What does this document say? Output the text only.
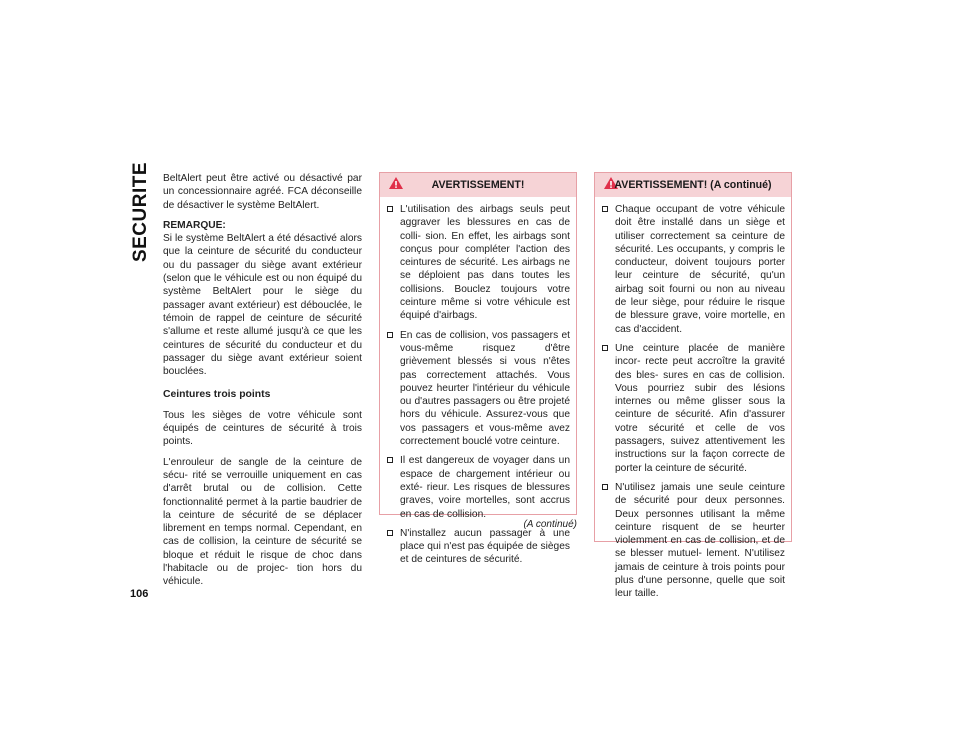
SECURITE
106

BeltAlert peut être activé ou désactivé par un concessionnaire agréé. FCA déconseille de désactiver le système BeltAlert.

REMARQUE:

Si le système BeltAlert a été désactivé alors que la ceinture de sécurité du conducteur ou du passager du siège avant extérieur (selon que le véhicule est ou non équipé du système BeltAlert pour le siège du passager avant extérieur) est débouclée, le témoin de rappel de ceinture de sécurité s'allume et reste allumé jusqu'à ce que les ceintures de sécurité du conducteur et du passager du siège avant extérieur soient bouclées.

Ceintures trois points

Tous les sièges de votre véhicule sont équipés de ceintures de sécurité à trois points.

L'enrouleur de sangle de la ceinture de sécu- rité se verrouille uniquement en cas d'arrêt brutal ou de collision. Cette fonctionnalité permet à la partie baudrier de la ceinture de sécurité de se déplacer librement en temps normal. Cependant, en cas de collision, la ceinture de sécurité se bloque et réduit le risque de choc dans l'habitacle ou de projec- tion hors du véhicule.

AVERTISSEMENT!
L'utilisation des airbags seuls peut aggraver les blessures en cas de colli- sion. En effet, les airbags sont conçus pour compléter l'action des ceintures de sécurité. Les airbags ne se déploient pas dans toutes les collisions. Bouclez toujours votre ceinture même si votre véhicule est équipé d'airbags.
En cas de collision, vos passagers et vous-même risquez d'être grièvement blessés si vous n'êtes pas correctement attachés. Vous pouvez heurter l'intérieur du véhicule ou d'autres passagers ou être projeté hors du véhicule. Assurez-vous que vos passagers et vous-même avez correctement bouclé votre ceinture.
Il est dangereux de voyager dans un espace de chargement intérieur ou exté- rieur. Les risques de blessures graves, voire mortelles, sont accrus en cas de collision.
N'installez aucun passager à une place qui n'est pas équipée de sièges et de ceintures de sécurité.
(A continué)
AVERTISSEMENT! (A continué)
Chaque occupant de votre véhicule doit être installé dans un siège et utiliser correctement sa ceinture de sécurité. Les occupants, y compris le conducteur, doivent toujours porter leur ceinture de sécurité, qu'un airbag soit fourni ou non au niveau de leur siège, pour réduire le risque de blessure grave, voire mortelle, en cas d'accident.
Une ceinture placée de manière incor- recte peut accroître la gravité des bles- sures en cas de collision. Vous pourriez subir des lésions internes ou même glisser sous la ceinture de sécurité. Afin d'assurer votre sécurité et celle de vos passagers, suivez attentivement les instructions sur la façon correcte de porter la ceinture de sécurité.
N'utilisez jamais une seule ceinture de sécurité pour deux personnes. Deux personnes utilisant la même ceinture risquent de se heurter violemment en cas de collision, et de se blesser mutuel- lement. N'utilisez jamais de ceinture à trois points pour plus d'une personne, quelle que soit leur taille.
